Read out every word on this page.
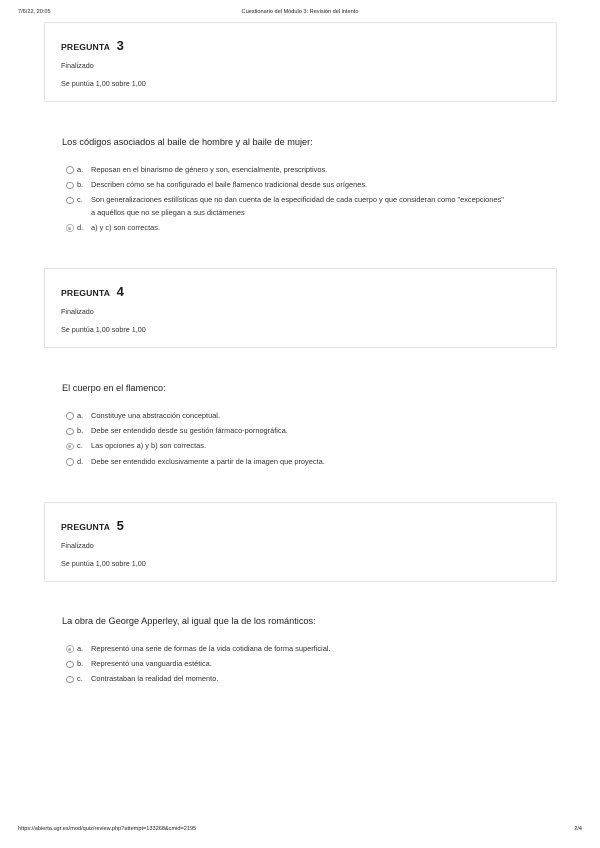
7/6/22, 20:05	Cuestionario del Módulo 3: Revisión del intento
PREGUNTA 3
Finalizado
Se puntúa 1,00 sobre 1,00
Los códigos asociados al baile de hombre y al baile de mujer:
a. Reposan en el binarismo de género y son, esencialmente, prescriptivos.
b. Describen cómo se ha configurado el baile flamenco tradicional desde sus orígenes.
c. Son generalizaciones estilísticas que no dan cuenta de la especificidad de cada cuerpo y que consideran como "excepciones" a aquéllos que no se pliegan a sus dictámenes
d. a) y c) son correctas.
PREGUNTA 4
Finalizado
Se puntúa 1,00 sobre 1,00
El cuerpo en el flamenco:
a. Constituye una abstracción conceptual.
b. Debe ser entendido desde su gestión fármaco-pornográfica.
c. Las opciones a) y b) son correctas.
d. Debe ser entendido exclusivamente a partir de la imagen que proyecta.
PREGUNTA 5
Finalizado
Se puntúa 1,00 sobre 1,00
La obra de George Apperley, al igual que la de los románticos:
a. Representó una serie de formas de la vida cotidiana de forma superficial.
b. Representó una vanguardia estética.
c. Contrastaban la realidad del momento.
https://abierta.ugr.es/mod/quiz/review.php?attempt=133268&cmid=2195	2/4
